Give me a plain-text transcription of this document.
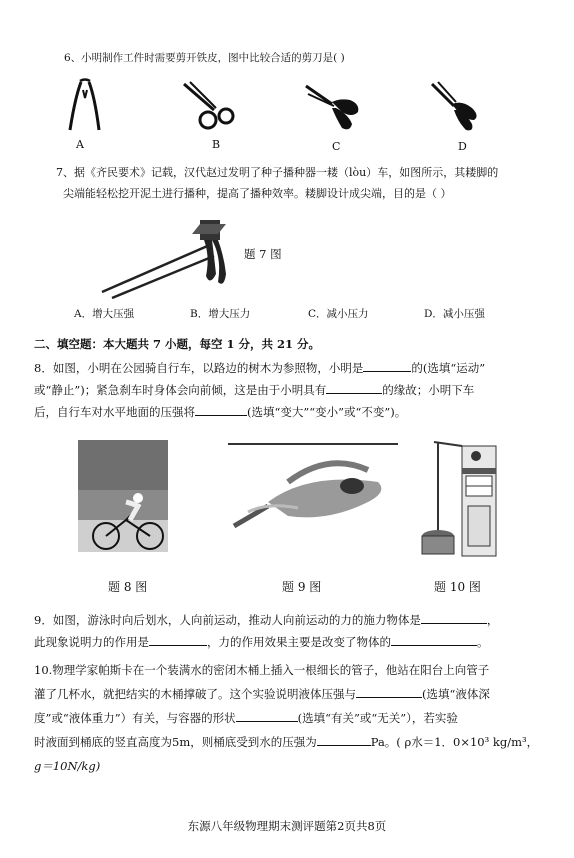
6、小明制作工件时需要剪开铁皮，图中比较合适的剪刀是( )
A	B	C	D
7、据《齐民要术》记载，汉代赵过发明了种子播种器一耧（lòu）车，如图所示，其耧脚的
尖端能轻松挖开泥土进行播种，提高了播种效率。耧脚设计成尖端，目的是（ ）
题 7 图
A．增大压强	B．增大压力	C．减小压力	D．减小压强
二、填空题：本大题共 7 小题，每空 1 分，共 21 分。
8．如图，小明在公园骑自行车，以路边的树木为参照物，小明是	的(选填“运动”
或“静止”)；紧急刹车时身体会向前倾，这是由于小明具有	的缘故；小明下车
后，自行车对水平地面的压强将	(选填“变大”“变小”或“不变”)。
题 8 图	题 9 图	题 10 图
9．如图，游泳时向后划水，人向前运动，推动人向前运动的力的施力物体是	，
此现象说明力的作用是	，力的作用效果主要是改变了物体的	。
10.物理学家帕斯卡在一个装满水的密闭木桶上插入一根细长的管子，他站在阳台上向管子
灌了几杯水，就把结实的木桶撑破了。这个实验说明液体压强与	(选填“液体深
度”或“液体重力”）有关，与容器的形状	(选填“有关”或“无关”），若实验
时液面到桶底的竖直高度为5m，则桶底受到水的压强为	Pa。( ρ水＝1．0×10³ kg/m³，
g＝10N/kg)
东源八年级物理期末测评题第2页共8页
